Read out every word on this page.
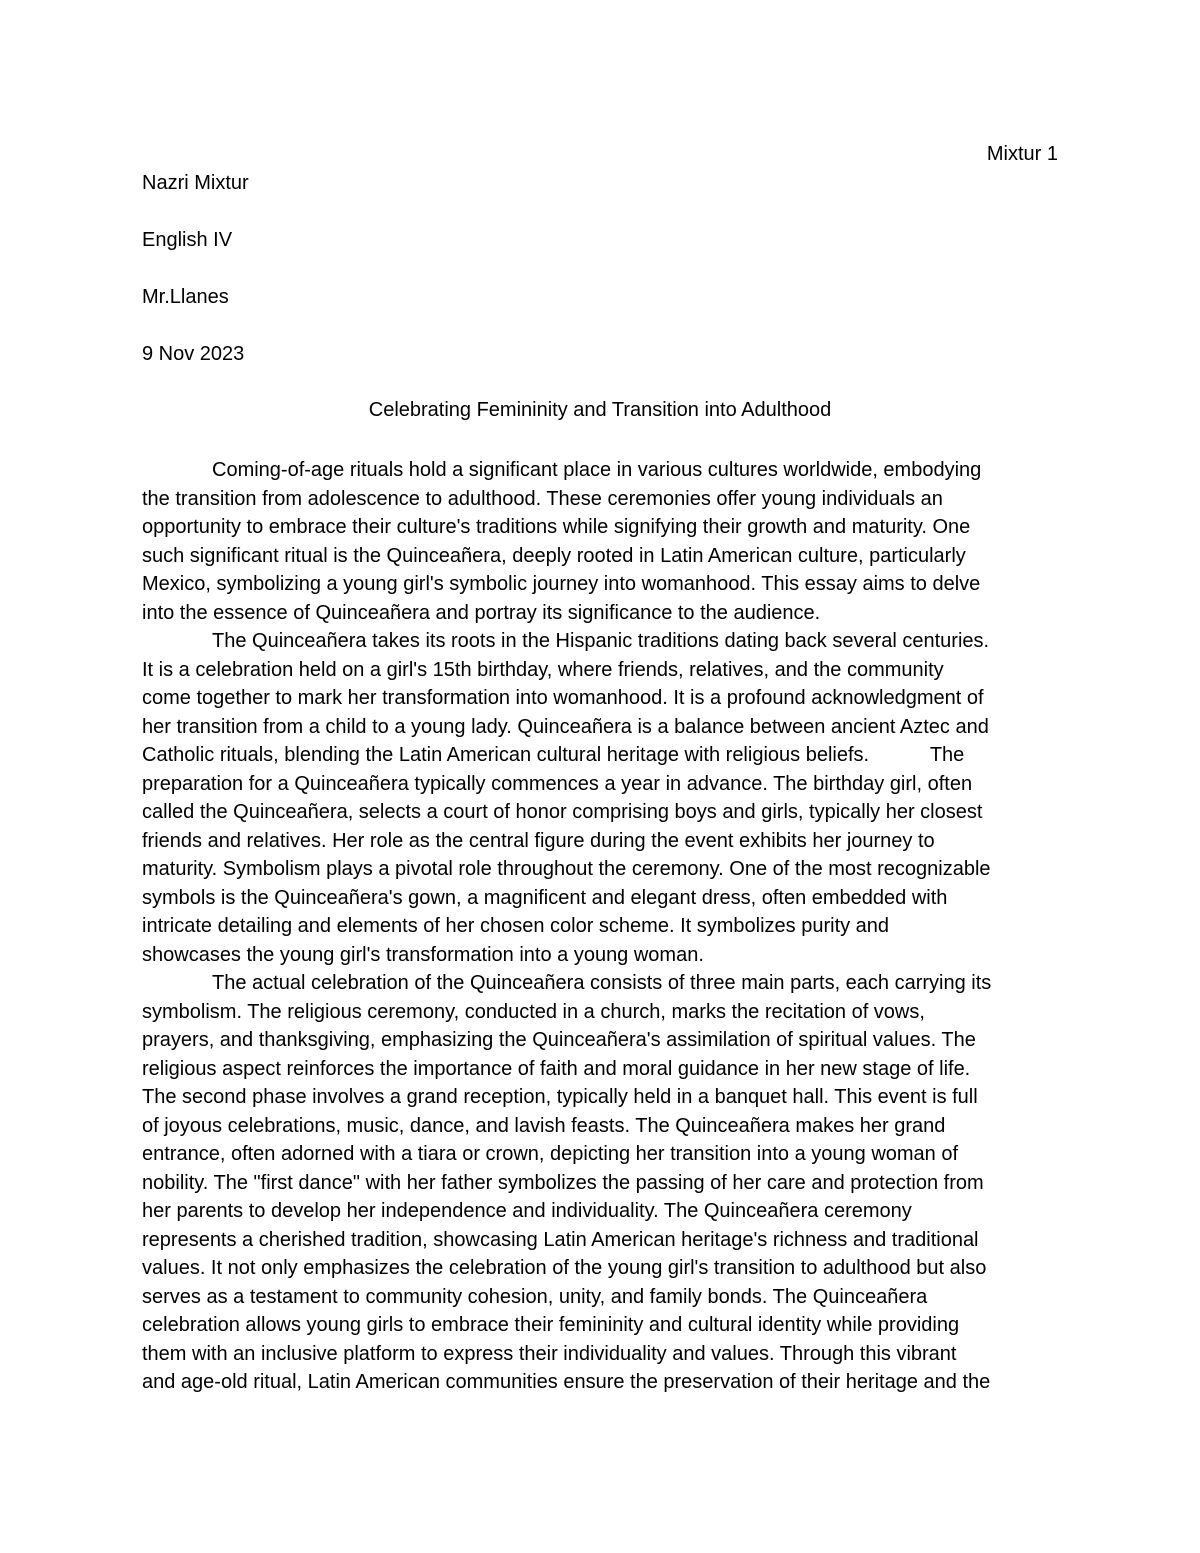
Mixtur 1
Nazri Mixtur
English IV
Mr.Llanes
9 Nov 2023
Celebrating Femininity and Transition into Adulthood
Coming-of-age rituals hold a significant place in various cultures worldwide, embodying
the transition from adolescence to adulthood. These ceremonies offer young individuals an
opportunity to embrace their culture's traditions while signifying their growth and maturity. One
such significant ritual is the Quinceañera, deeply rooted in Latin American culture, particularly
Mexico, symbolizing a young girl's symbolic journey into womanhood. This essay aims to delve
into the essence of Quinceañera and portray its significance to the audience.
The Quinceañera takes its roots in the Hispanic traditions dating back several centuries.
It is a celebration held on a girl's 15th birthday, where friends, relatives, and the community
come together to mark her transformation into womanhood. It is a profound acknowledgment of
her transition from a child to a young lady. Quinceañera is a balance between ancient Aztec and
Catholic rituals, blending the Latin American cultural heritage with religious beliefs.           The
preparation for a Quinceañera typically commences a year in advance. The birthday girl, often
called the Quinceañera, selects a court of honor comprising boys and girls, typically her closest
friends and relatives. Her role as the central figure during the event exhibits her journey to
maturity. Symbolism plays a pivotal role throughout the ceremony. One of the most recognizable
symbols is the Quinceañera's gown, a magnificent and elegant dress, often embedded with
intricate detailing and elements of her chosen color scheme. It symbolizes purity and
showcases the young girl's transformation into a young woman.
The actual celebration of the Quinceañera consists of three main parts, each carrying its
symbolism. The religious ceremony, conducted in a church, marks the recitation of vows,
prayers, and thanksgiving, emphasizing the Quinceañera's assimilation of spiritual values. The
religious aspect reinforces the importance of faith and moral guidance in her new stage of life.
The second phase involves a grand reception, typically held in a banquet hall. This event is full
of joyous celebrations, music, dance, and lavish feasts. The Quinceañera makes her grand
entrance, often adorned with a tiara or crown, depicting her transition into a young woman of
nobility. The "first dance" with her father symbolizes the passing of her care and protection from
her parents to develop her independence and individuality. The Quinceañera ceremony
represents a cherished tradition, showcasing Latin American heritage's richness and traditional
values. It not only emphasizes the celebration of the young girl's transition to adulthood but also
serves as a testament to community cohesion, unity, and family bonds. The Quinceañera
celebration allows young girls to embrace their femininity and cultural identity while providing
them with an inclusive platform to express their individuality and values. Through this vibrant
and age-old ritual, Latin American communities ensure the preservation of their heritage and the
